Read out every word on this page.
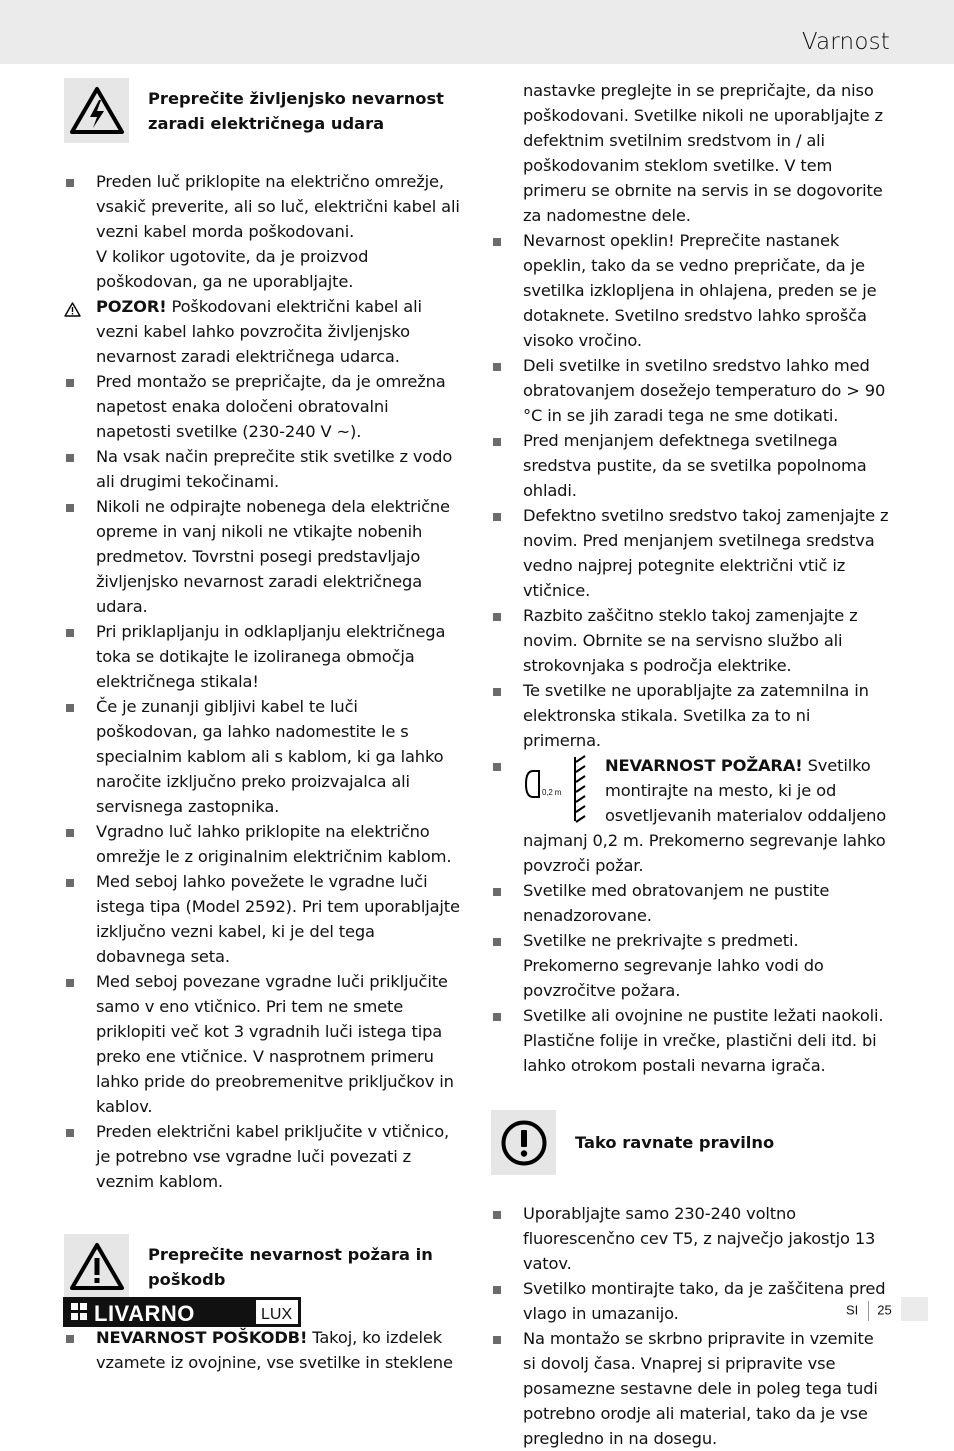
Varnost
Preprečite življenjsko nevarnost zaradi električnega udara
Preden luč priklopite na električno omrežje, vsakič preverite, ali so luč, električni kabel ali vezni kabel morda poškodovani.
V kolikor ugotovite, da je proizvod poškodovan, ga ne uporabljajte.
POZOR! Poškodovani električni kabel ali vezni kabel lahko povzročita življenjsko nevarnost zaradi električnega udarca.
Pred montažo se prepričajte, da je omrežna napetost enaka določeni obratovalni napetosti svetilke (230-240 V ~).
Na vsak način preprečite stik svetilke z vodo ali drugimi tekočinami.
Nikoli ne odpirajte nobenega dela električne opreme in vanj nikoli ne vtikajte nobenih predmetov. Tovrstni posegi predstavljajo življenjsko nevarnost zaradi električnega udara.
Pri priklapljanju in odklapljanju električnega toka se dotikajte le izoliranega območja električnega stikala!
Če je zunanji gibljivi kabel te luči poškodovan, ga lahko nadomestite le s specialnim kablom ali s kablom, ki ga lahko naročite izključno preko proizvajalca ali servisnega zastopnika.
Vgradno luč lahko priklopite na električno omrežje le z originalnim električnim kablom.
Med seboj lahko povežete le vgradne luči istega tipa (Model 2592). Pri tem uporabljajte izključno vezni kabel, ki je del tega dobavnega seta.
Med seboj povezane vgradne luči priključite samo v eno vtičnico. Pri tem ne smete priklopiti več kot 3 vgradnih luči istega tipa preko ene vtičnice. V nasprotnem primeru lahko pride do preobremenitve priključkov in kablov.
Preden električni kabel priključite v vtičnico, je potrebno vse vgradne luči povezati z veznim kablom.
Preprečite nevarnost požara in poškodb
NEVARNOST POŠKODB! Takoj, ko izdelek vzamete iz ovojnine, vse svetilke in steklene
nastavke preglejte in se prepričajte, da niso poškodovani. Svetilke nikoli ne uporabljajte z defektnim svetilnim sredstvom in / ali poškodovanim steklom svetilke. V tem primeru se obrnite na servis in se dogovorite za nadomestne dele.
Nevarnost opeklin! Preprečite nastanek opeklin, tako da se vedno prepričate, da je svetilka izklopljena in ohlajena, preden se je dotaknete. Svetilno sredstvo lahko sprošča visoko vročino.
Deli svetilke in svetilno sredstvo lahko med obratovanjem dosežejo temperaturo do > 90 °C in se jih zaradi tega ne sme dotikati.
Pred menjanjem defektnega svetilnega sredstva pustite, da se svetilka popolnoma ohladi.
Defektno svetilno sredstvo takoj zamenjajte z novim. Pred menjanjem svetilnega sredstva vedno najprej potegnite električni vtič iz vtičnice.
Razbito zaščitno steklo takoj zamenjajte z novim. Obrnite se na servisno službo ali strokovnjaka s področja elektrike.
Te svetilke ne uporabljajte za zatemnilna in elektronska stikala. Svetilka za to ni primerna.
0,2 m
NEVARNOST POŽARA! Svetilko montirajte na mesto, ki je od osvetljevanih materialov oddaljeno najmanj 0,2 m. Prekomerno segrevanje lahko povzroči požar.
Svetilke med obratovanjem ne pustite nenadzorovane.
Svetilke ne prekrivajte s predmeti. Prekomerno segrevanje lahko vodi do povzročitve požara.
Svetilke ali ovojnine ne pustite ležati naokoli. Plastične folije in vrečke, plastični deli itd. bi lahko otrokom postali nevarna igrača.
Tako ravnate pravilno
Uporabljajte samo 230-240 voltno fluorescenčno cev T5, z največjo jakostjo 13 vatov.
Svetilko montirajte tako, da je zaščitena pred vlago in umazanijo.
Na montažo se skrbno pripravite in vzemite si dovolj časa. Vnaprej si pripravite vse posamezne sestavne dele in poleg tega tudi potrebno orodje ali material, tako da je vse pregledno in na dosegu.
LIVARNO	LUX	SI 25
